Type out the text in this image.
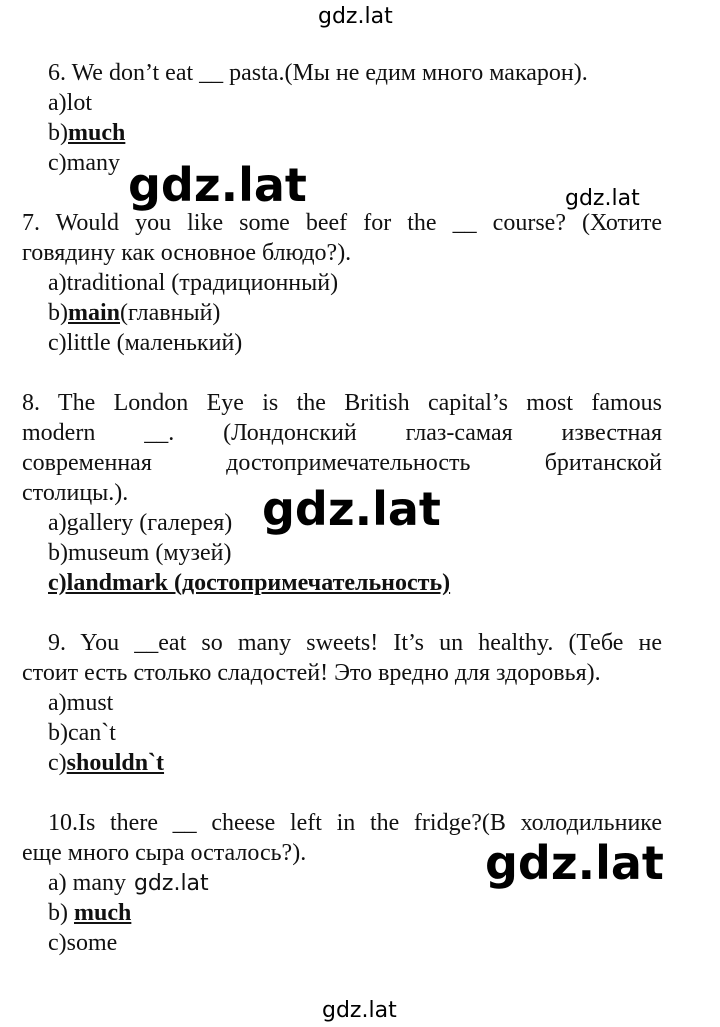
gdz.lat
6. We don’t eat __ pasta.(Мы не едим много макарон).
a)lot
b)much
c)many gdz.lat	gdz.lat
7. Would you like some beef for the __ course? (Хотите
говядину как основное блюдо?).
a)traditional (традиционный)
b)main(главный)
c)little (маленький)
8. The London Eye is the British capital’s most famous
modern __. (Лондонский глаз-самая известная
современная достопримечательность британской
столицы.).
a)gallery (галерея) gdz.lat
b)museum (музей)
c)landmark (достопримечательность)
9. You __eat so many sweets! It’s un healthy. (Тебе не
стоит есть столько сладостей! Это вредно для здоровья).
a)must
b)can`t
c)shouldn`t
10.Is there __ cheese left in the fridge?(В холодильнике
еще много сыра осталось?).	gdz.lat
a) many gdz.lat
b) much
c)some
gdz.lat
